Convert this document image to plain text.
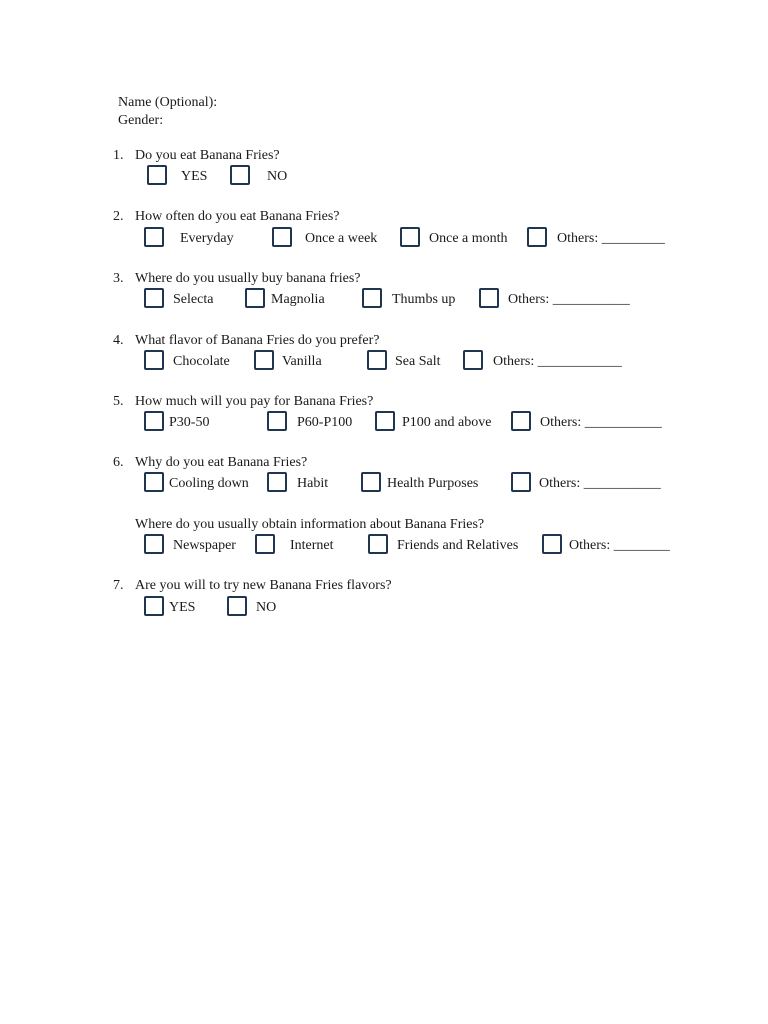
Name (Optional):
Gender:
1. Do you eat Banana Fries?
YES	NO
2. How often do you eat Banana Fries?
Everyday	Once a week	Once a month	Others: _________
3. Where do you usually buy banana fries?
Selecta	Magnolia	Thumbs up	Others: ___________
4. What flavor of Banana Fries do you prefer?
Chocolate	Vanilla	Sea Salt	Others: ____________
5. How much will you pay for Banana Fries?
P30-50	P60-P100	P100 and above	Others: ___________
6. Why do you eat Banana Fries?
Cooling down	Habit	Health Purposes	Others: ___________
Where do you usually obtain information about Banana Fries?
Newspaper	Internet	Friends and Relatives	Others: ________
7. Are you will to try new Banana Fries flavors?
YES	NO
